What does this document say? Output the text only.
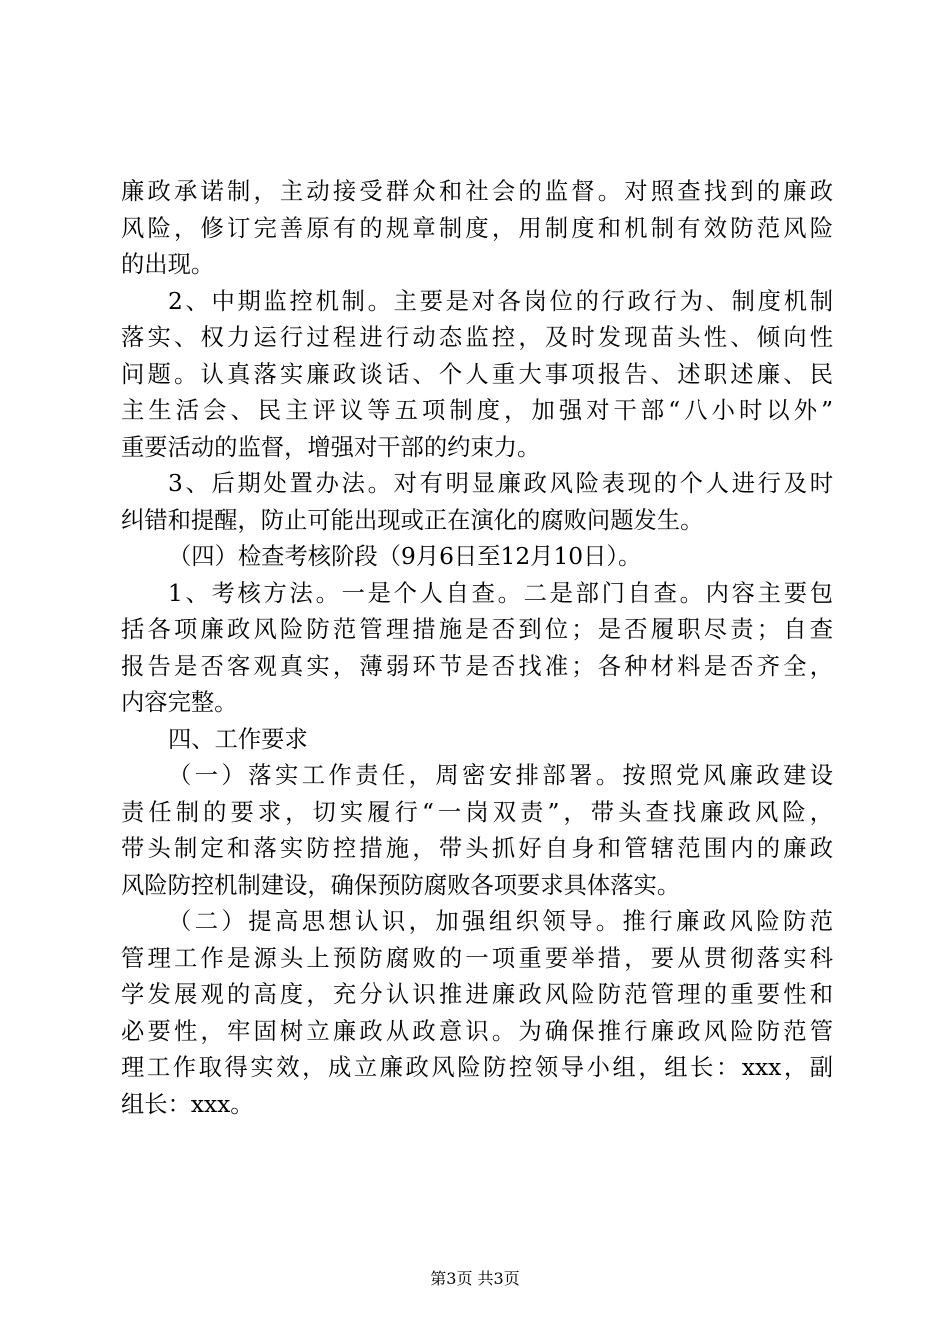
廉政承诺制，主动接受群众和社会的监督。对照查找到的廉政
风险，修订完善原有的规章制度，用制度和机制有效防范风险
的出现。
2、中期监控机制。主要是对各岗位的行政行为、制度机制
落实、权力运行过程进行动态监控，及时发现苗头性、倾向性
问题。认真落实廉政谈话、个人重大事项报告、述职述廉、民
主生活会、民主评议等五项制度，加强对干部“八小时以外”
重要活动的监督，增强对干部的约束力。
3、后期处置办法。对有明显廉政风险表现的个人进行及时
纠错和提醒，防止可能出现或正在演化的腐败问题发生。
（四）检查考核阶段（9月6日至12月10日）。
1、考核方法。一是个人自查。二是部门自查。内容主要包
括各项廉政风险防范管理措施是否到位；是否履职尽责；自查
报告是否客观真实，薄弱环节是否找准；各种材料是否齐全，
内容完整。
四、工作要求
（一）落实工作责任，周密安排部署。按照党风廉政建设
责任制的要求，切实履行“一岗双责”，带头查找廉政风险，
带头制定和落实防控措施，带头抓好自身和管辖范围内的廉政
风险防控机制建设，确保预防腐败各项要求具体落实。
（二）提高思想认识，加强组织领导。推行廉政风险防范
管理工作是源头上预防腐败的一项重要举措，要从贯彻落实科
学发展观的高度，充分认识推进廉政风险防范管理的重要性和
必要性，牢固树立廉政从政意识。为确保推行廉政风险防范管
理工作取得实效，成立廉政风险防控领导小组，组长：xxx，副
组长：xxx。
第3页 共3页
